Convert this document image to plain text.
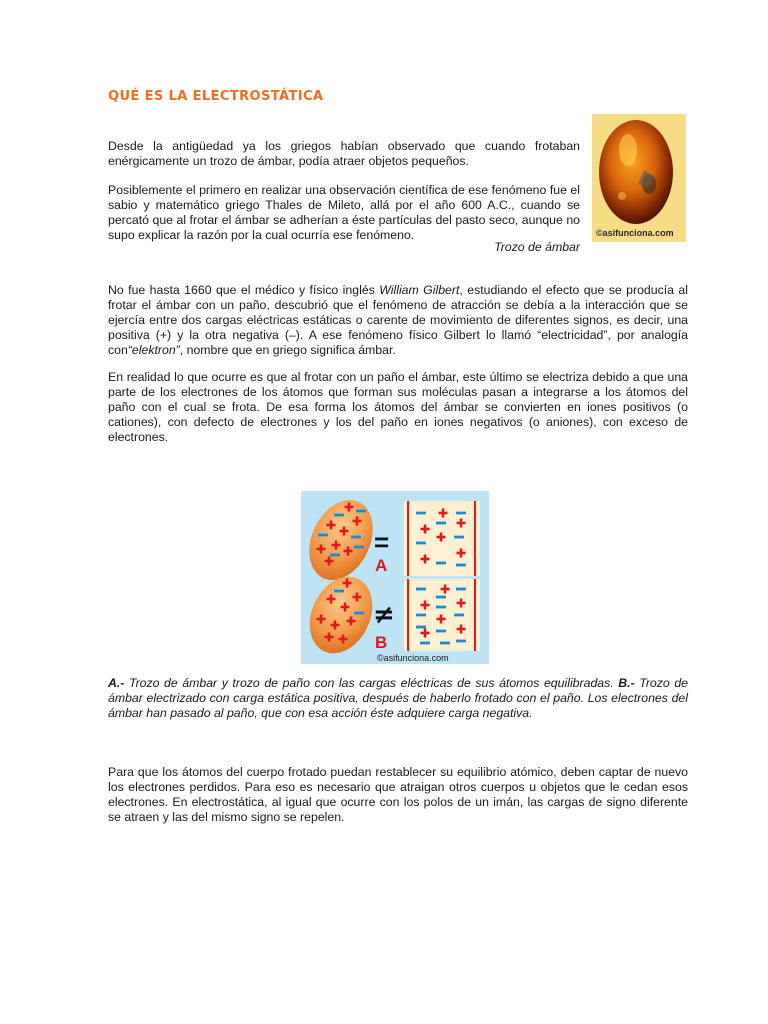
QUÉ ES LA ELECTROSTÁTICA

Desde la antigüedad ya los griegos habían observado que cuando frotaban enérgicamente un trozo de ámbar, podía atraer objetos pequeños.

Posiblemente el primero en realizar una observación científica de ese fenómeno fue el sabio y matemático griego Thales de Mileto, allá por el año 600 A.C., cuando se percató que al frotar el ámbar se adherían a éste partículas del pasto seco, aunque no supo explicar la razón por la cual ocurría ese fenómeno.

Trozo de ámbar
©asifunciona.com

No fue hasta 1660 que el médico y físico inglés William Gilbert, estudiando el efecto que se producía al frotar el ámbar con un paño, descubrió que el fenómeno de atracción se debía a la interacción que se ejercía entre dos cargas eléctricas estáticas o carente de movimiento de diferentes signos, es decir, una positiva (+) y la otra negativa (–). A ese fenómeno físico Gilbert lo llamó “electricidad”, por analogía con“elektron”, nombre que en griego significa ámbar.

En realidad lo que ocurre es que al frotar con un paño el ámbar, este último se electriza debido a que una parte de los electrones de los átomos que forman sus moléculas pasan a integrarse a los átomos del paño con el cual se frota. De esa forma los átomos del ámbar se convierten en iones positivos (o cationes), con defecto de electrones y los del paño en iones negativos (o aniones), con exceso de electrones.

=
A
≠
B
©asifunciona.com

A.- Trozo de ámbar y trozo de paño con las cargas eléctricas de sus átomos equilibradas. B.- Trozo de ámbar electrizado con carga estática positiva, después de haberlo frotado con el paño. Los electrones del ámbar han pasado al paño, que con esa acción éste adquiere carga negativa.

Para que los átomos del cuerpo frotado puedan restablecer su equilibrio atómico, deben captar de nuevo los electrones perdidos. Para eso es necesario que atraigan otros cuerpos u objetos que le cedan esos electrones. En electrostática, al igual que ocurre con los polos de un imán, las cargas de signo diferente se atraen y las del mismo signo se repelen.
